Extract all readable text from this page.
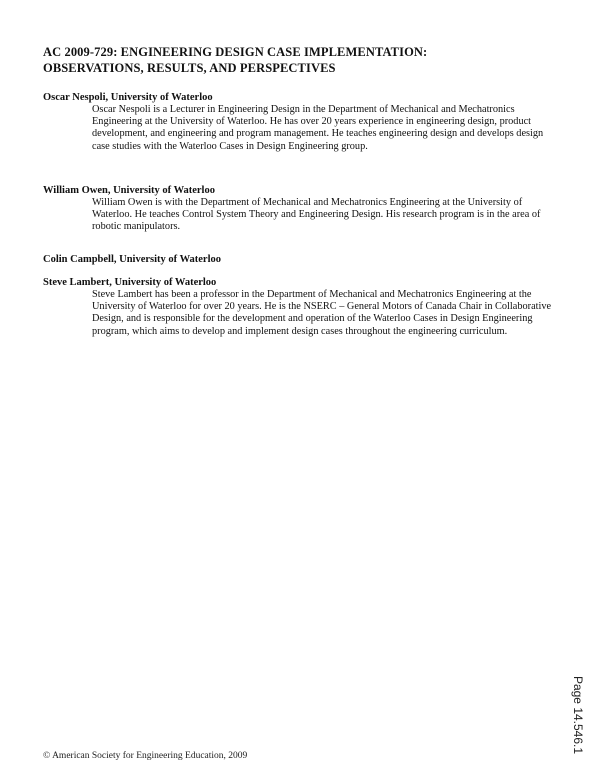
AC 2009-729: ENGINEERING DESIGN CASE IMPLEMENTATION:
OBSERVATIONS, RESULTS, AND PERSPECTIVES
Oscar Nespoli, University of Waterloo
Oscar Nespoli is a Lecturer in Engineering Design in the Department of Mechanical and Mechatronics Engineering at the University of Waterloo. He has over 20 years experience in engineering design, product development, and engineering and program management. He teaches engineering design and develops design case studies with the Waterloo Cases in Design Engineering group.
William Owen, University of Waterloo
William Owen is with the Department of Mechanical and Mechatronics Engineering at the University of Waterloo. He teaches Control System Theory and Engineering Design. His research program is in the area of robotic manipulators.
Colin Campbell, University of Waterloo
Steve Lambert, University of Waterloo
Steve Lambert has been a professor in the Department of Mechanical and Mechatronics Engineering at the University of Waterloo for over 20 years. He is the NSERC – General Motors of Canada Chair in Collaborative Design, and is responsible for the development and operation of the Waterloo Cases in Design Engineering program, which aims to develop and implement design cases throughout the engineering curriculum.
Page 14.546.1
© American Society for Engineering Education, 2009
